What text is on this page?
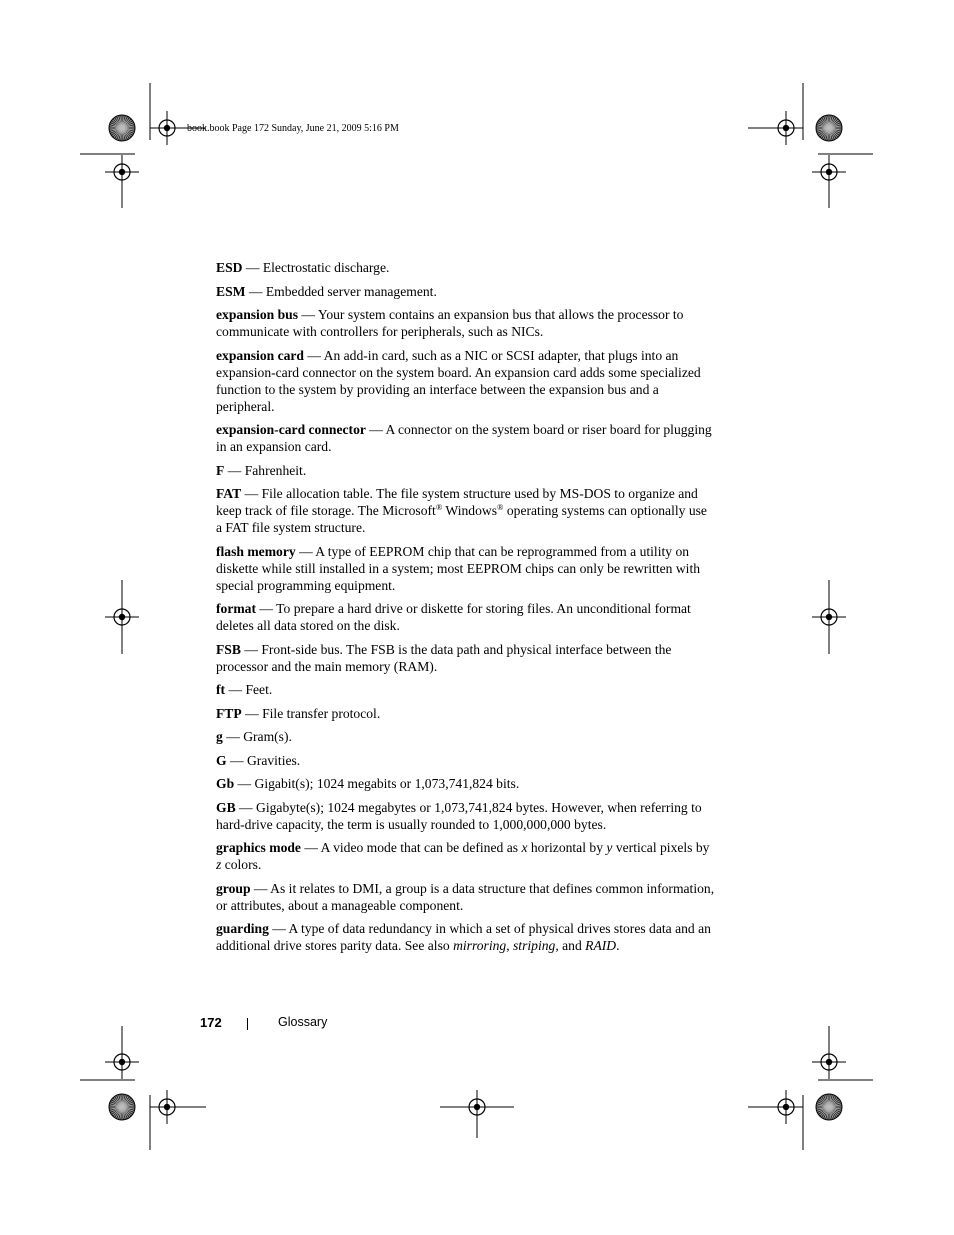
book.book Page 172 Sunday, June 21, 2009 5:16 PM

ESD — Electrostatic discharge.

ESM — Embedded server management.

expansion bus — Your system contains an expansion bus that allows the processor to communicate with controllers for peripherals, such as NICs.

expansion card — An add-in card, such as a NIC or SCSI adapter, that plugs into an expansion-card connector on the system board. An expansion card adds some specialized function to the system by providing an interface between the expansion bus and a peripheral.

expansion-card connector — A connector on the system board or riser board for plugging in an expansion card.

F — Fahrenheit.

FAT — File allocation table. The file system structure used by MS-DOS to organize and keep track of file storage. The Microsoft® Windows® operating systems can optionally use a FAT file system structure.

flash memory — A type of EEPROM chip that can be reprogrammed from a utility on diskette while still installed in a system; most EEPROM chips can only be rewritten with special programming equipment.

format — To prepare a hard drive or diskette for storing files. An unconditional format deletes all data stored on the disk.

FSB — Front-side bus. The FSB is the data path and physical interface between the processor and the main memory (RAM).

ft — Feet.

FTP — File transfer protocol.

g — Gram(s).

G — Gravities.

Gb — Gigabit(s); 1024 megabits or 1,073,741,824 bits.

GB — Gigabyte(s); 1024 megabytes or 1,073,741,824 bytes. However, when referring to hard-drive capacity, the term is usually rounded to 1,000,000,000 bytes.

graphics mode — A video mode that can be defined as x horizontal by y vertical pixels by z colors.

group — As it relates to DMI, a group is a data structure that defines common information, or attributes, about a manageable component.

guarding — A type of data redundancy in which a set of physical drives stores data and an additional drive stores parity data. See also mirroring, striping, and RAID.

172	Glossary
